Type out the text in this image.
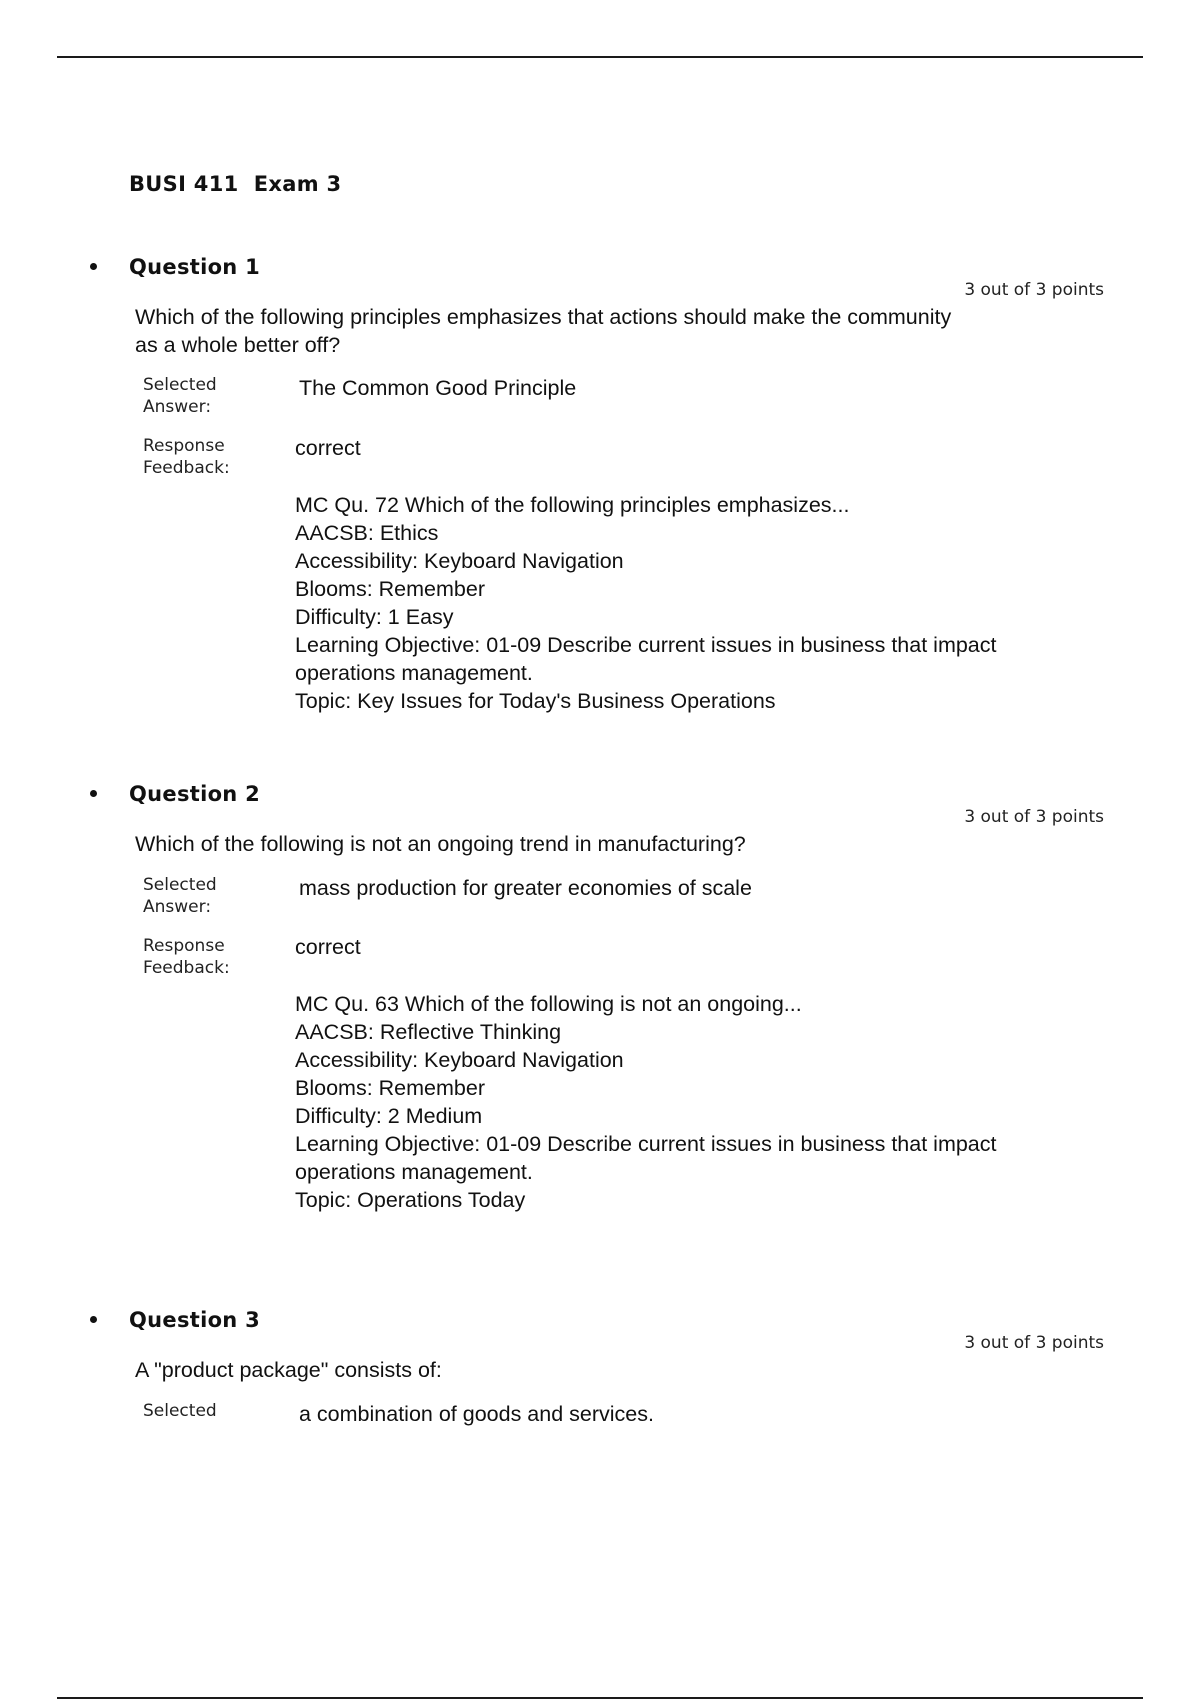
BUSI 411  Exam 3
Question 1
3 out of 3 points
Which of the following principles emphasizes that actions should make the community as a whole better off?
Selected Answer:
The Common Good Principle
Response Feedback:
correct
MC Qu. 72 Which of the following principles emphasizes...
AACSB: Ethics
Accessibility: Keyboard Navigation
Blooms: Remember
Difficulty: 1 Easy
Learning Objective: 01-09 Describe current issues in business that impact operations management.
Topic: Key Issues for Today's Business Operations
Question 2
3 out of 3 points
Which of the following is not an ongoing trend in manufacturing?
Selected Answer:
mass production for greater economies of scale
Response Feedback:
correct
MC Qu. 63 Which of the following is not an ongoing...
AACSB: Reflective Thinking
Accessibility: Keyboard Navigation
Blooms: Remember
Difficulty: 2 Medium
Learning Objective: 01-09 Describe current issues in business that impact operations management.
Topic: Operations Today
Question 3
3 out of 3 points
A "product package" consists of:
Selected	a combination of goods and services.
